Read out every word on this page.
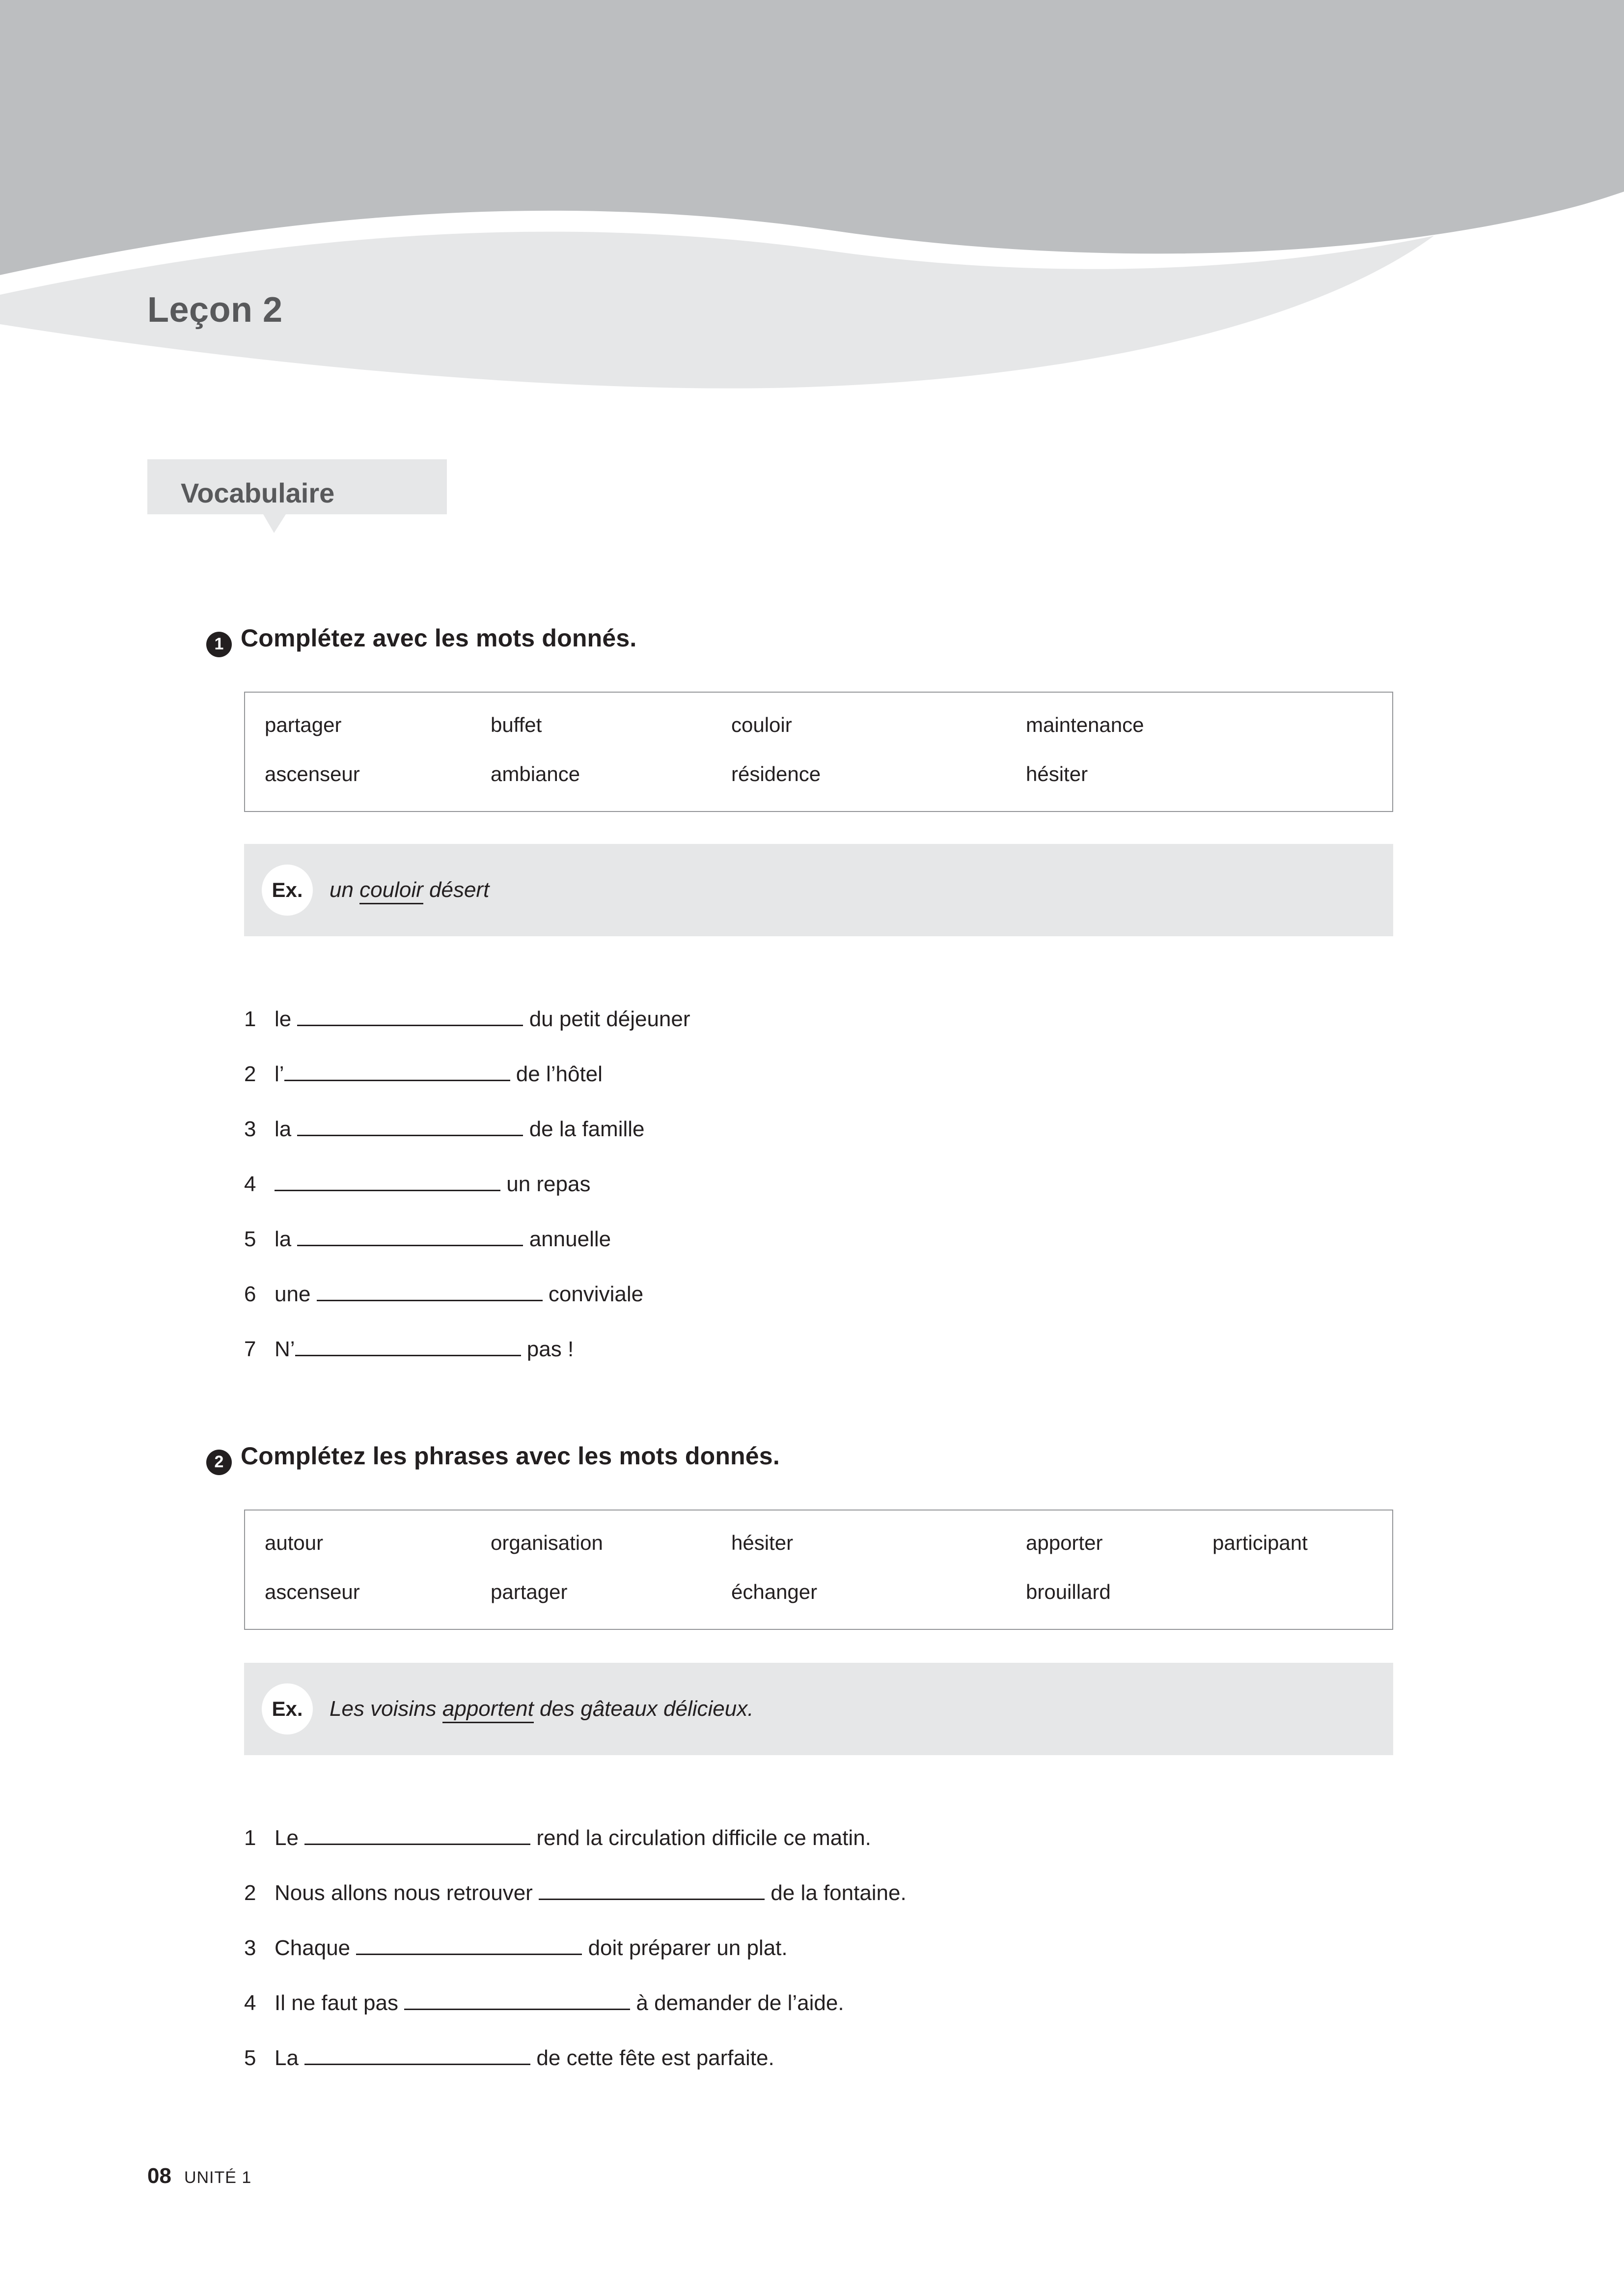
Leçon 2
Vocabulaire
1 Complétez avec les mots donnés.
partager	buffet	couloir	maintenance
ascenseur	ambiance	résidence	hésiter
Ex.	un couloir désert
1 le	du petit déjeuner
2 l’	de l’hôtel
3 la	de la famille
4	un repas
5 la	annuelle
6 une	conviviale
7 N’	pas !
2 Complétez les phrases avec les mots donnés.
autour	organisation	hésiter	apporter	participant
ascenseur	partager	échanger	brouillard
Ex.	Les voisins apportent des gâteaux délicieux.
1 Le	rend la circulation difficile ce matin.
2 Nous allons nous retrouver	de la fontaine.
3 Chaque	doit préparer un plat.
4 Il ne faut pas	à demander de l’aide.
5 La	de cette fête est parfaite.
08 UNITÉ 1
